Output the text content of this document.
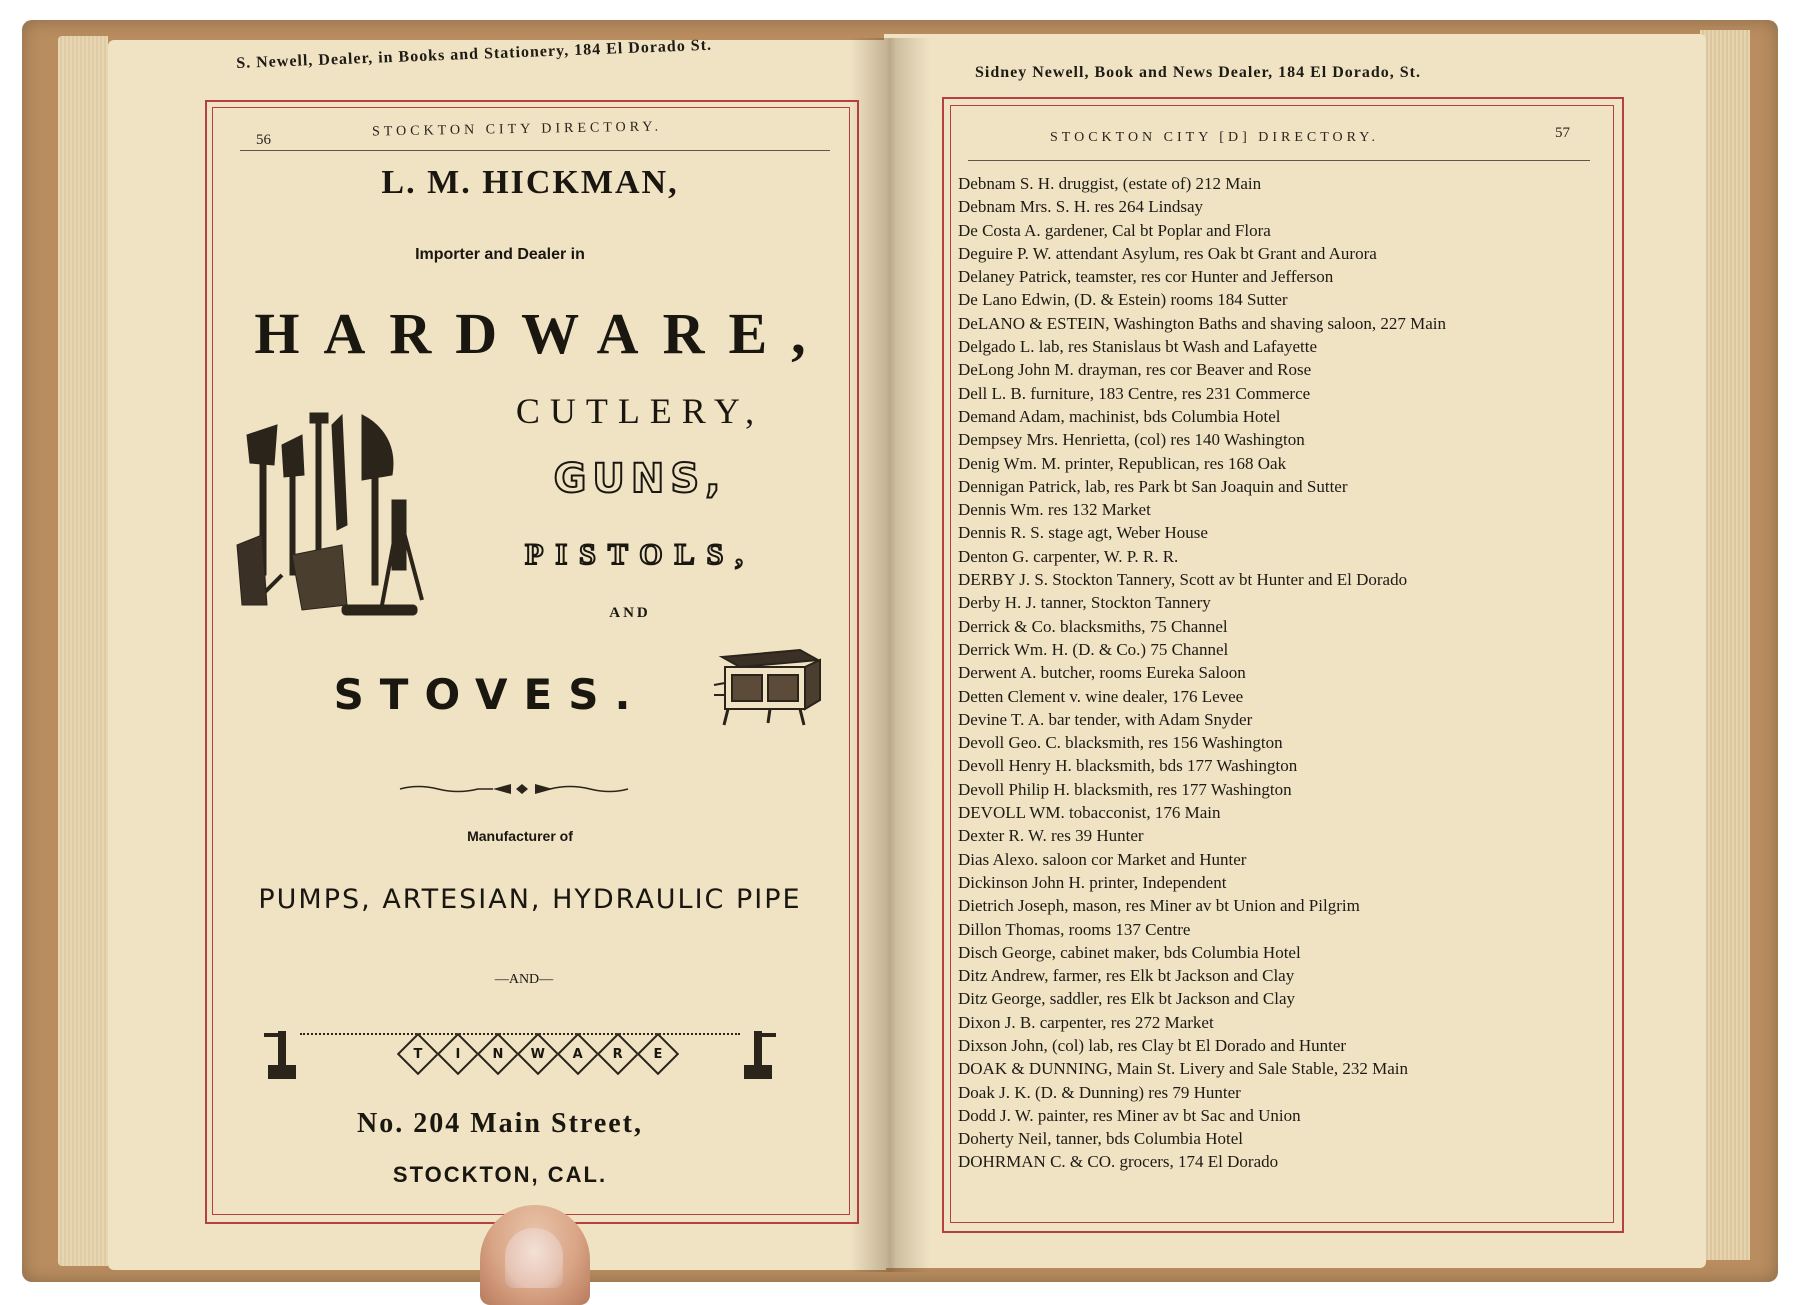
S. Newell, Dealer, in Books and Stationery, 184 El Dorado St.
56
STOCKTON CITY DIRECTORY.
L. M. HICKMAN,
Importer and Dealer in
HARDWARE,
CUTLERY,
GUNS,
PISTOLS,
AND
STOVES.
Manufacturer of
PUMPS, ARTESIAN, HYDRAULIC PIPE
—AND—
No. 204 Main Street,
STOCKTON, CAL.
T	I N W A R E
Sidney Newell, Book and News Dealer, 184 El Dorado, St.
STOCKTON CITY [D] DIRECTORY.	57
Debnam S. H. druggist, (estate of) 212 Main
Debnam Mrs. S. H. res 264 Lindsay
De Costa A. gardener, Cal bt Poplar and Flora
Deguire P. W. attendant Asylum, res Oak bt Grant and Aurora
Delaney Patrick, teamster, res cor Hunter and Jefferson
De Lano Edwin, (D. & Estein) rooms 184 Sutter
DeLANO & ESTEIN, Washington Baths and shaving saloon, 227 Main
Delgado L. lab, res Stanislaus bt Wash and Lafayette
DeLong John M. drayman, res cor Beaver and Rose
Dell L. B. furniture, 183 Centre, res 231 Commerce
Demand Adam, machinist, bds Columbia Hotel
Dempsey Mrs. Henrietta, (col) res 140 Washington
Denig Wm. M. printer, Republican, res 168 Oak
Dennigan Patrick, lab, res Park bt San Joaquin and Sutter
Dennis Wm. res 132 Market
Dennis R. S. stage agt, Weber House
Denton G. carpenter, W. P. R. R.
DERBY J. S. Stockton Tannery, Scott av bt Hunter and El Dorado
Derby H. J. tanner, Stockton Tannery
Derrick & Co. blacksmiths, 75 Channel
Derrick Wm. H. (D. & Co.) 75 Channel
Derwent A. butcher, rooms Eureka Saloon
Detten Clement v. wine dealer, 176 Levee
Devine T. A. bar tender, with Adam Snyder
Devoll Geo. C. blacksmith, res 156 Washington
Devoll Henry H. blacksmith, bds 177 Washington
Devoll Philip H. blacksmith, res 177 Washington
DEVOLL WM. tobacconist, 176 Main
Dexter R. W. res 39 Hunter
Dias Alexo. saloon cor Market and Hunter
Dickinson John H. printer, Independent
Dietrich Joseph, mason, res Miner av bt Union and Pilgrim
Dillon Thomas, rooms 137 Centre
Disch George, cabinet maker, bds Columbia Hotel
Ditz Andrew, farmer, res Elk bt Jackson and Clay
Ditz George, saddler, res Elk bt Jackson and Clay
Dixon J. B. carpenter, res 272 Market
Dixson John, (col) lab, res Clay bt El Dorado and Hunter
DOAK & DUNNING, Main St. Livery and Sale Stable, 232 Main
Doak J. K. (D. & Dunning) res 79 Hunter
Dodd J. W. painter, res Miner av bt Sac and Union
Doherty Neil, tanner, bds Columbia Hotel
DOHRMAN C. & CO. grocers, 174 El Dorado
